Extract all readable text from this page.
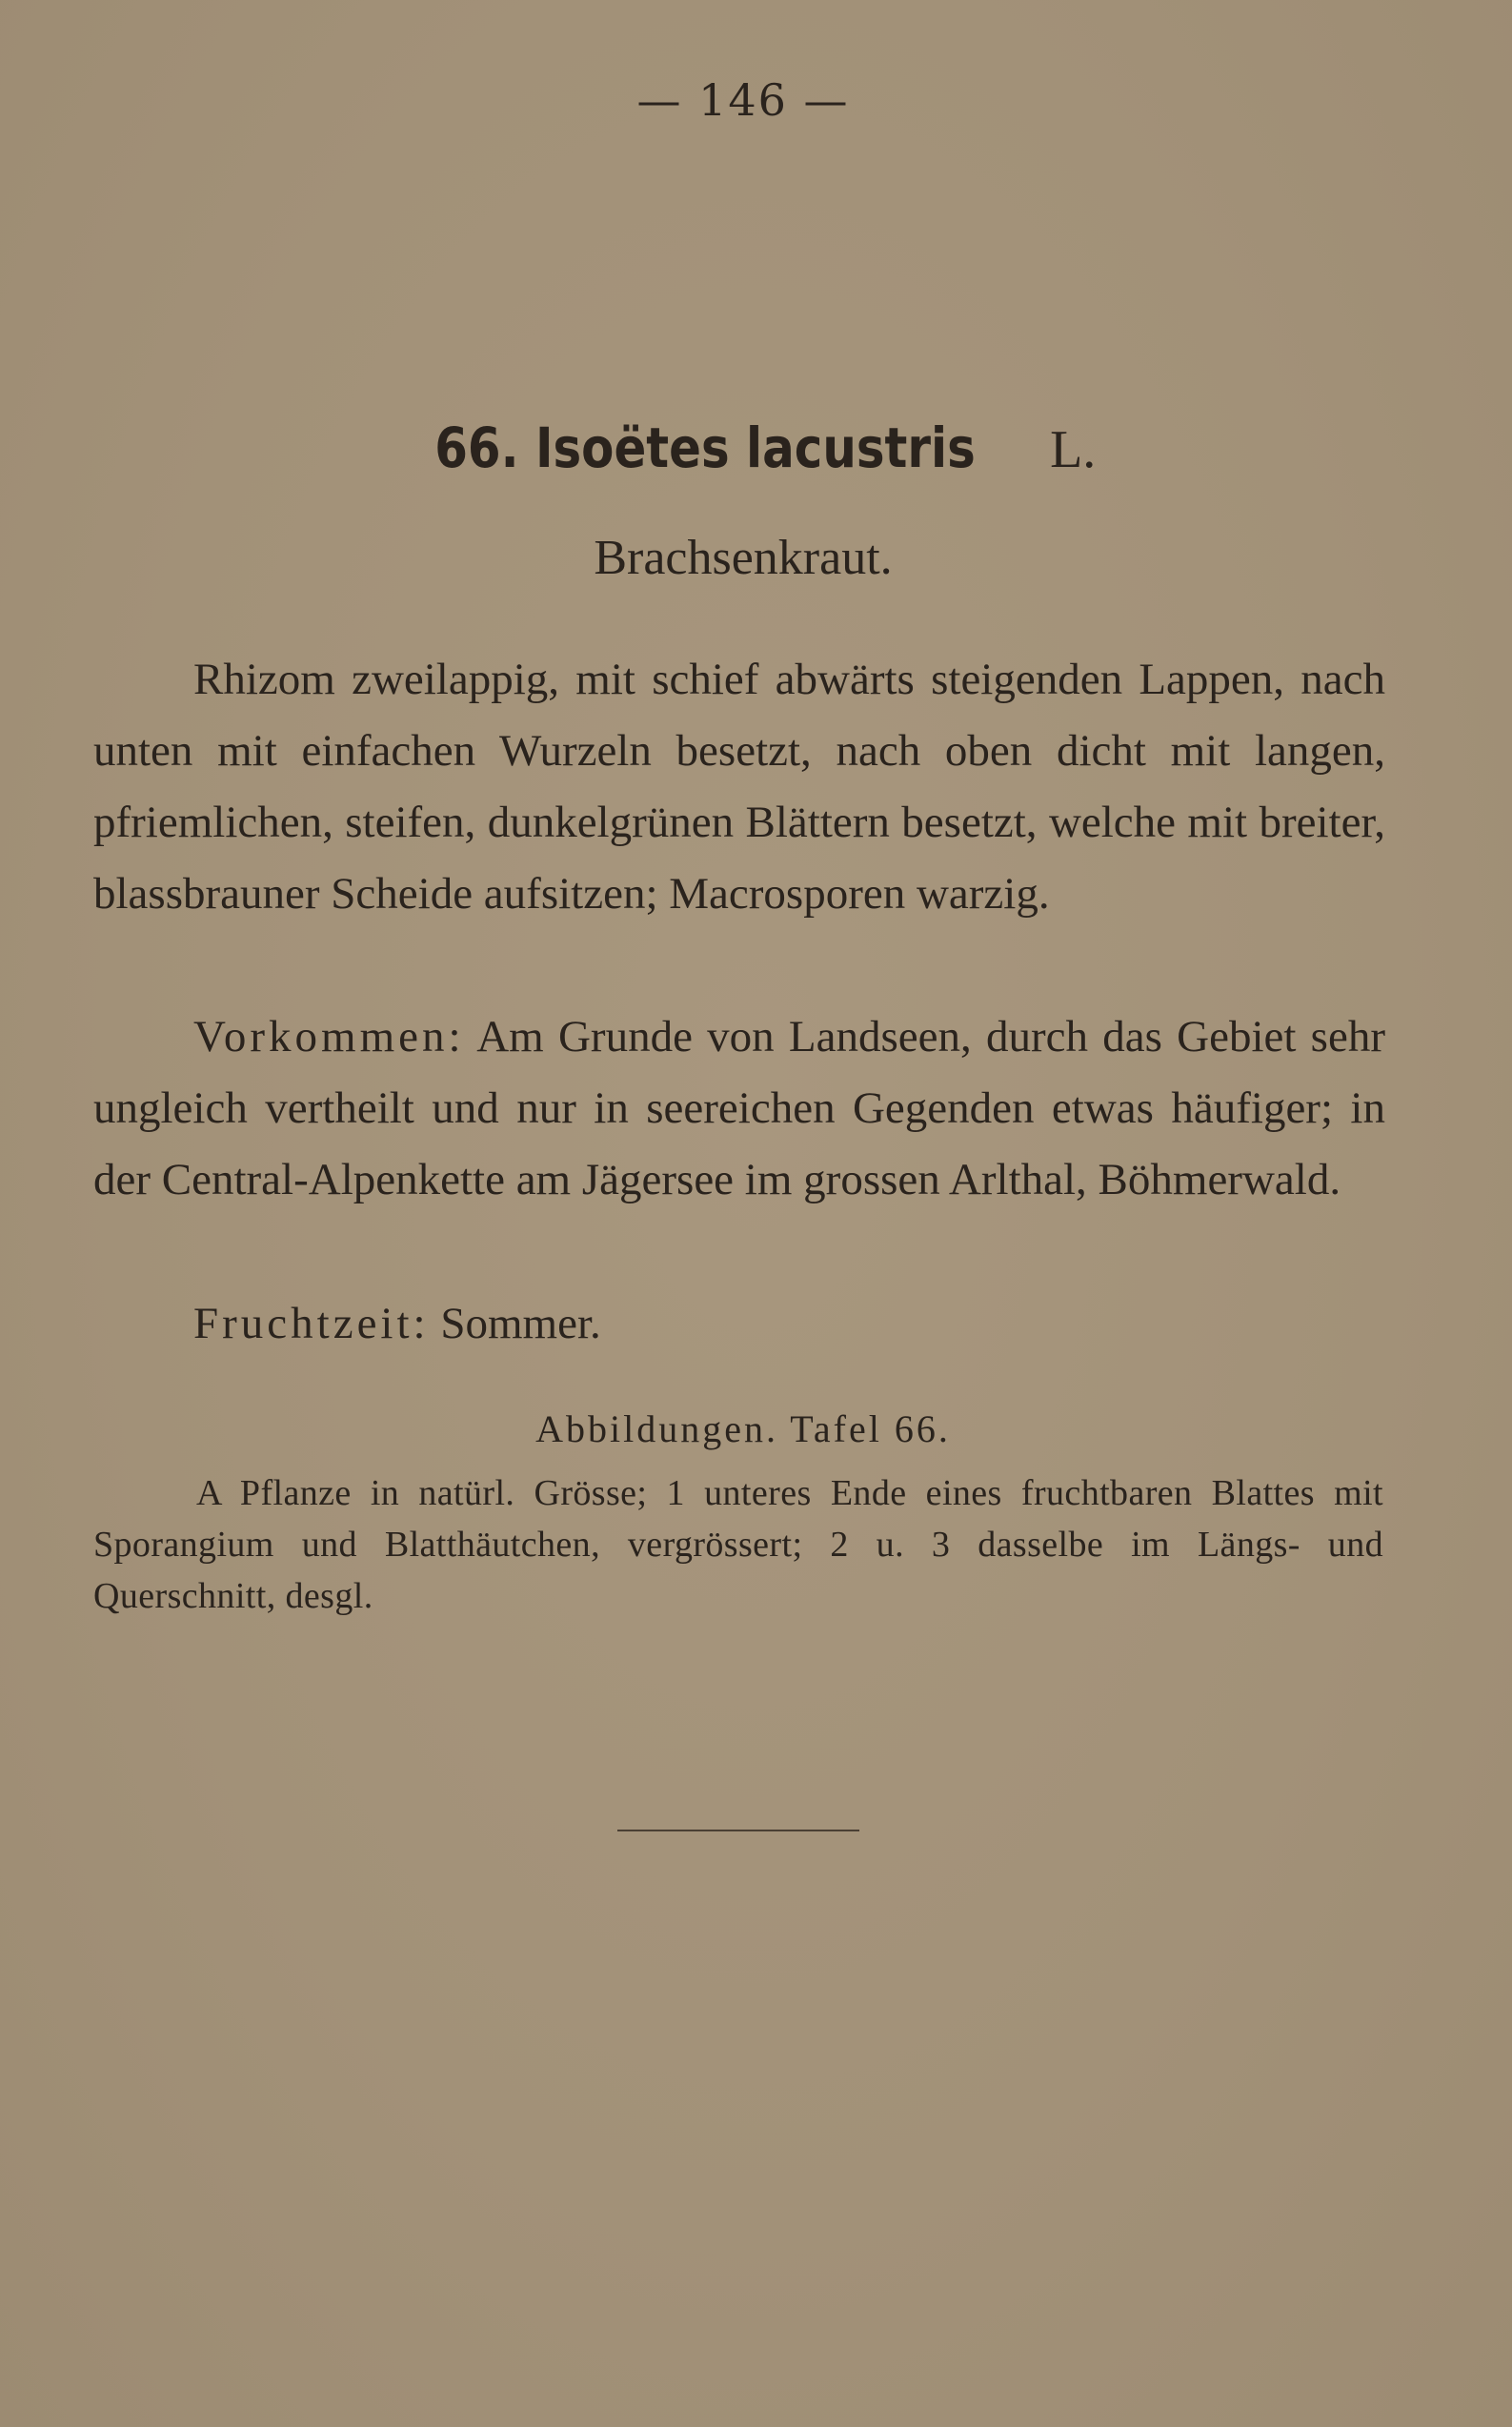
— 146 —
66. Isoëtes lacustris L.
Brachsenkraut.
Rhizom zweilappig, mit schief abwärts steigenden Lappen, nach unten mit einfachen Wurzeln besetzt, nach oben dicht mit langen, pfriemlichen, steifen, dunkelgrünen Blättern besetzt, welche mit breiter, blassbrauner Scheide aufsitzen; Macrosporen warzig.
Vorkommen: Am Grunde von Landseen, durch das Gebiet sehr ungleich vertheilt und nur in seereichen Gegenden etwas häufiger; in der Central-Alpenkette am Jägersee im grossen Arlthal, Böhmerwald.
Fruchtzeit: Sommer.
Abbildungen. Tafel 66.
A Pflanze in natürl. Grösse; 1 unteres Ende eines fruchtbaren Blattes mit Sporangium und Blatthäutchen, vergrössert; 2 u. 3 dasselbe im Längs- und Querschnitt, desgl.
